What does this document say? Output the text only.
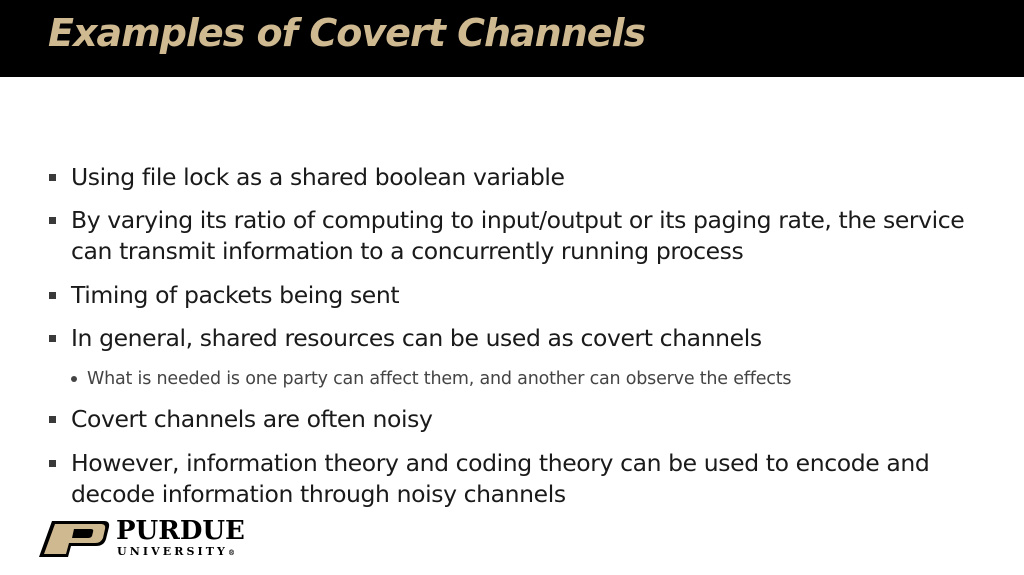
Examples of Covert Channels
Using file lock as a shared boolean variable
By varying its ratio of computing to input/output or its paging rate, the service can transmit information to a concurrently running process
Timing of packets being sent
In general, shared resources can be used as covert channels
What is needed is one party can affect them, and another can observe the effects
Covert channels are often noisy
However, information theory and coding theory can be used to encode and decode information through noisy channels
PURDUE
UNIVERSITY®
